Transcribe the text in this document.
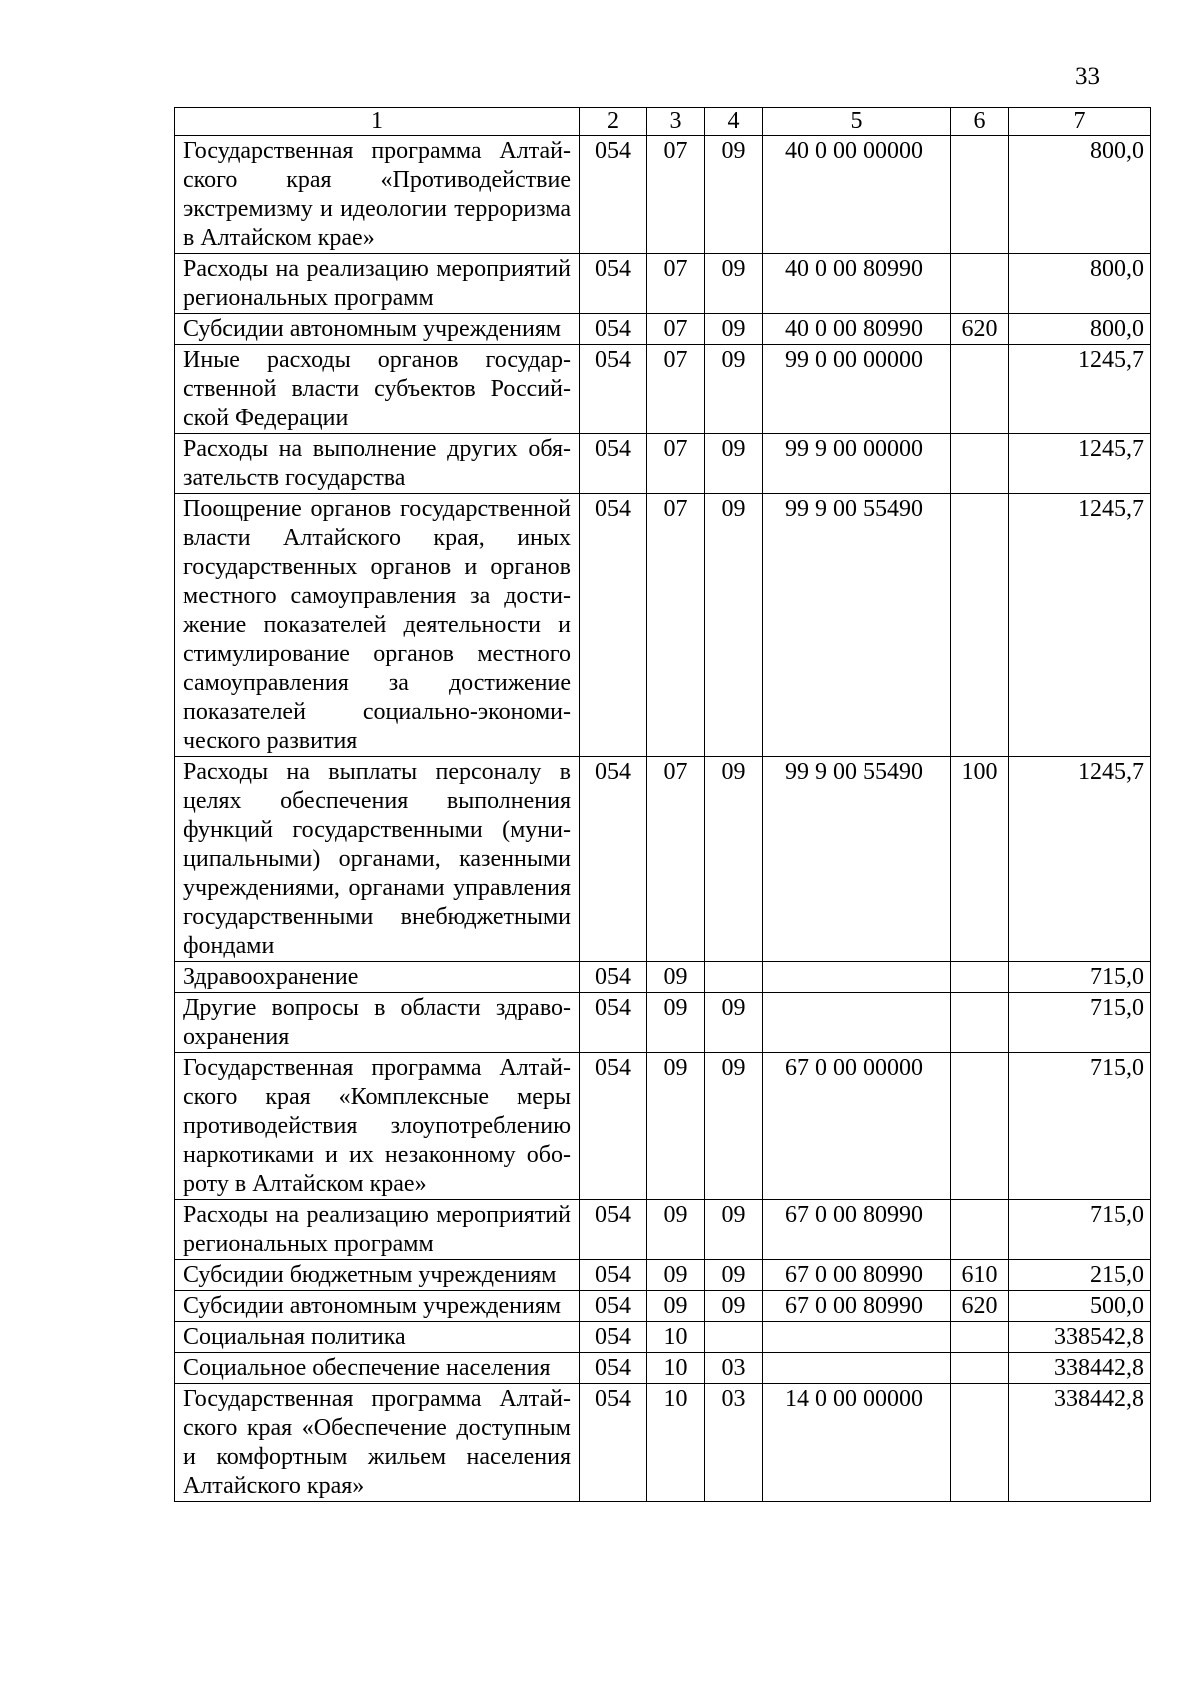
33
1	2	3	4	5	6	7
Государственная программа Алтайского края «Противодействие экстремизму и идеологии терроризма в Алтайском крае»	054	07	09	40 0 00 00000		800,0
Расходы на реализацию мероприятий региональных программ	054	07	09	40 0 00 80990		800,0
Субсидии автономным учреждениям	054	07	09	40 0 00 80990	620	800,0
Иные расходы органов государственной власти субъектов Российской Федерации	054	07	09	99 0 00 00000		1245,7
Расходы на выполнение других обязательств государства	054	07	09	99 9 00 00000		1245,7
Поощрение органов государственной власти Алтайского края, иных государственных органов и органов местного самоуправления за достижение показателей деятельности и стимулирование органов местного самоуправления за достижение показателей социально-экономического развития	054	07	09	99 9 00 55490		1245,7
Расходы на выплаты персоналу в целях обеспечения выполнения функций государственными (муниципальными) органами, казенными учреждениями, органами управления государственными внебюджетными фондами	054	07	09	99 9 00 55490	100	1245,7
Здравоохранение	054	09				715,0
Другие вопросы в области здравоохранения	054	09	09			715,0
Государственная программа Алтайского края «Комплексные меры противодействия злоупотреблению наркотиками и их незаконному обороту в Алтайском крае»	054	09	09	67 0 00 00000		715,0
Расходы на реализацию мероприятий региональных программ	054	09	09	67 0 00 80990		715,0
Субсидии бюджетным учреждениям	054	09	09	67 0 00 80990	610	215,0
Субсидии автономным учреждениям	054	09	09	67 0 00 80990	620	500,0
Социальная политика	054	10				338542,8
Социальное обеспечение населения	054	10	03			338442,8
Государственная программа Алтайского края «Обеспечение доступным и комфортным жильем населения Алтайского края»	054	10	03	14 0 00 00000		338442,8
